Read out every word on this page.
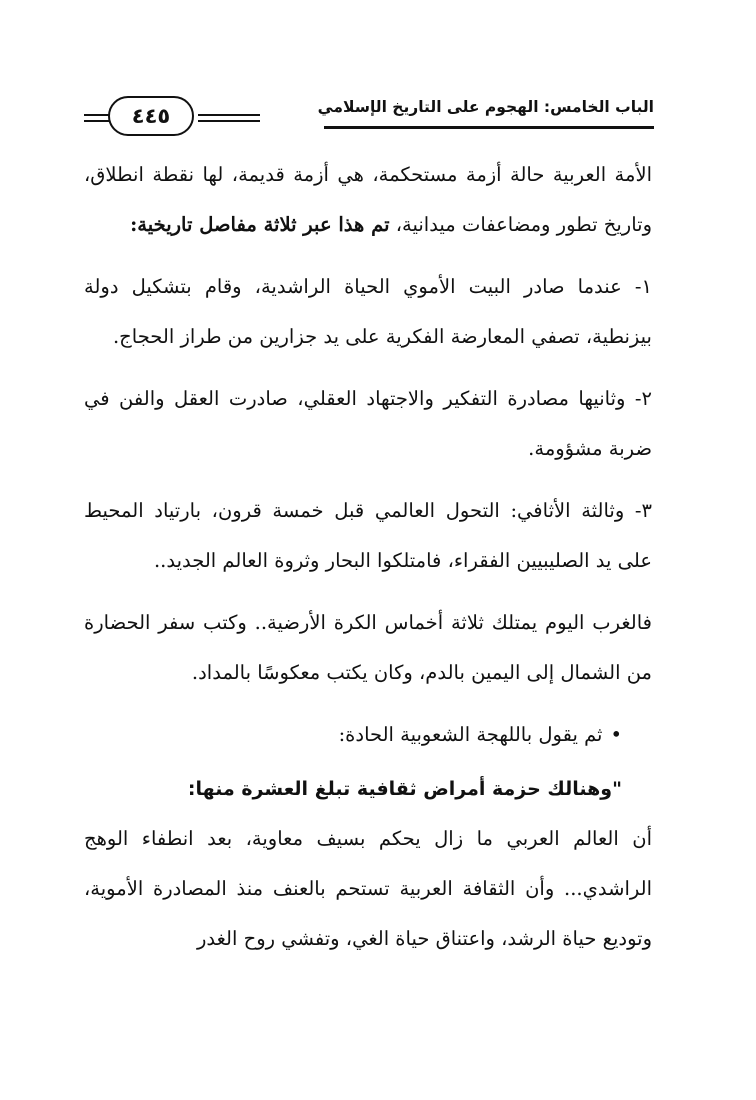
الباب الخامس: الهجوم على التاريخ الإسلامي
٤٤٥

الأمة العربية حالة أزمة مستحكمة، هي أزمة قديمة، لها نقطة انطلاق، وتاريخ تطور ومضاعفات ميدانية، تم هذا عبر ثلاثة مفاصل تاريخية:

١- عندما صادر البيت الأموي الحياة الراشدية، وقام بتشكيل دولة بيزنطية، تصفي المعارضة الفكرية على يد جزارين من طراز الحجاج.

٢- وثانيها مصادرة التفكير والاجتهاد العقلي، صادرت العقل والفن في ضربة مشؤومة.

٣- وثالثة الأثافي: التحول العالمي قبل خمسة قرون، بارتياد المحيط على يد الصليبيين الفقراء، فامتلكوا البحار وثروة العالم الجديد..

فالغرب اليوم يمتلك ثلاثة أخماس الكرة الأرضية.. وكتب سفر الحضارة من الشمال إلى اليمين بالدم، وكان يكتب معكوسًا بالمداد.

•ثم يقول باللهجة الشعوبية الحادة:
"وهنالك حزمة أمراض ثقافية تبلغ العشرة منها:

أن العالم العربي ما زال يحكم بسيف معاوية، بعد انطفاء الوهج الراشدي... وأن الثقافة العربية تستحم بالعنف منذ المصادرة الأموية، وتوديع حياة الرشد، واعتناق حياة الغي، وتفشي روح الغدر
